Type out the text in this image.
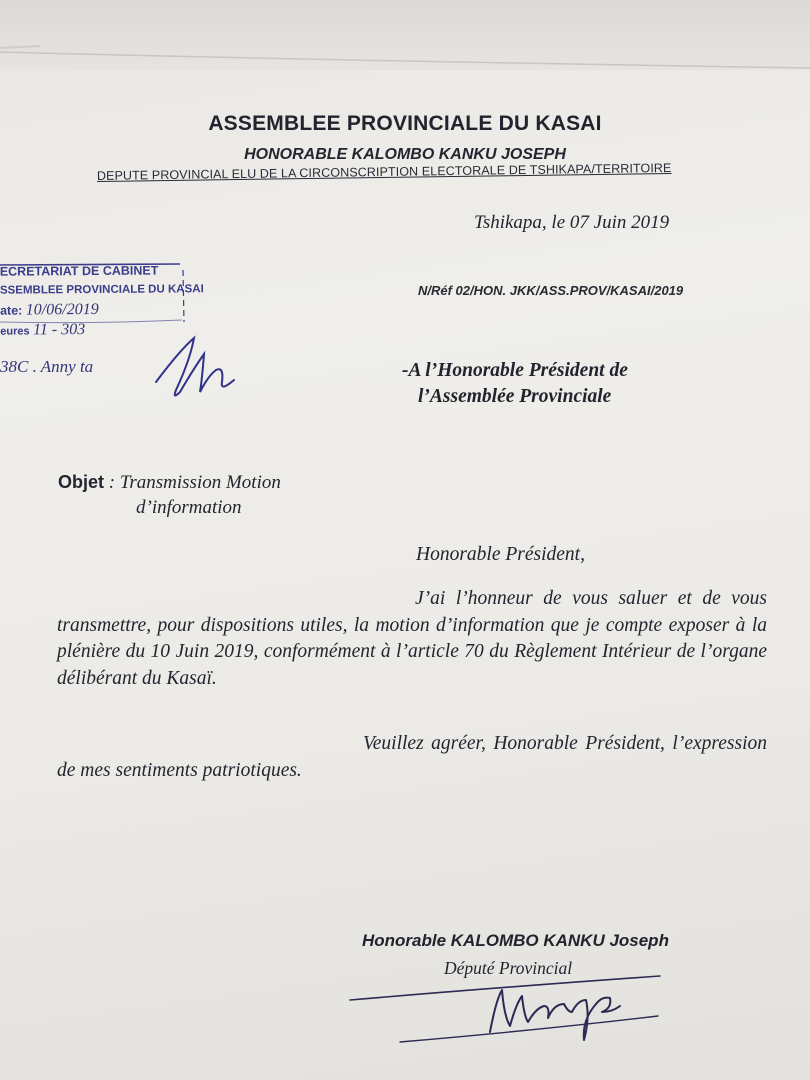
ASSEMBLEE PROVINCIALE DU KASAI
HONORABLE KALOMBO KANKU JOSEPH
DEPUTE PROVINCIAL ELU DE LA CIRCONSCRIPTION ELECTORALE DE TSHIKAPA/TERRITOIRE
Tshikapa, le 07 Juin 2019
ECRETARIAT DE CABINET
SSEMBLEE PROVINCIALE DU KASAI
ate: 10/06/2019
eures 11 - 303
38C . Anny ta
N/Réf 02/HON. JKK/ASS.PROV/KASAI/2019
-A l’Honorable Président de
l’Assemblée Provinciale
Objet : Transmission Motion
d’information
Honorable Président,
J’ai l’honneur de vous saluer et de vous transmettre, pour dispositions utiles, la motion d’information que je compte exposer à la plénière du 10 Juin 2019, conformément à l’article 70 du Règlement Intérieur de l’organe délibérant du Kasaï.
Veuillez agréer, Honorable Président, l’expression de mes sentiments patriotiques.
Honorable KALOMBO KANKU Joseph
Député Provincial
